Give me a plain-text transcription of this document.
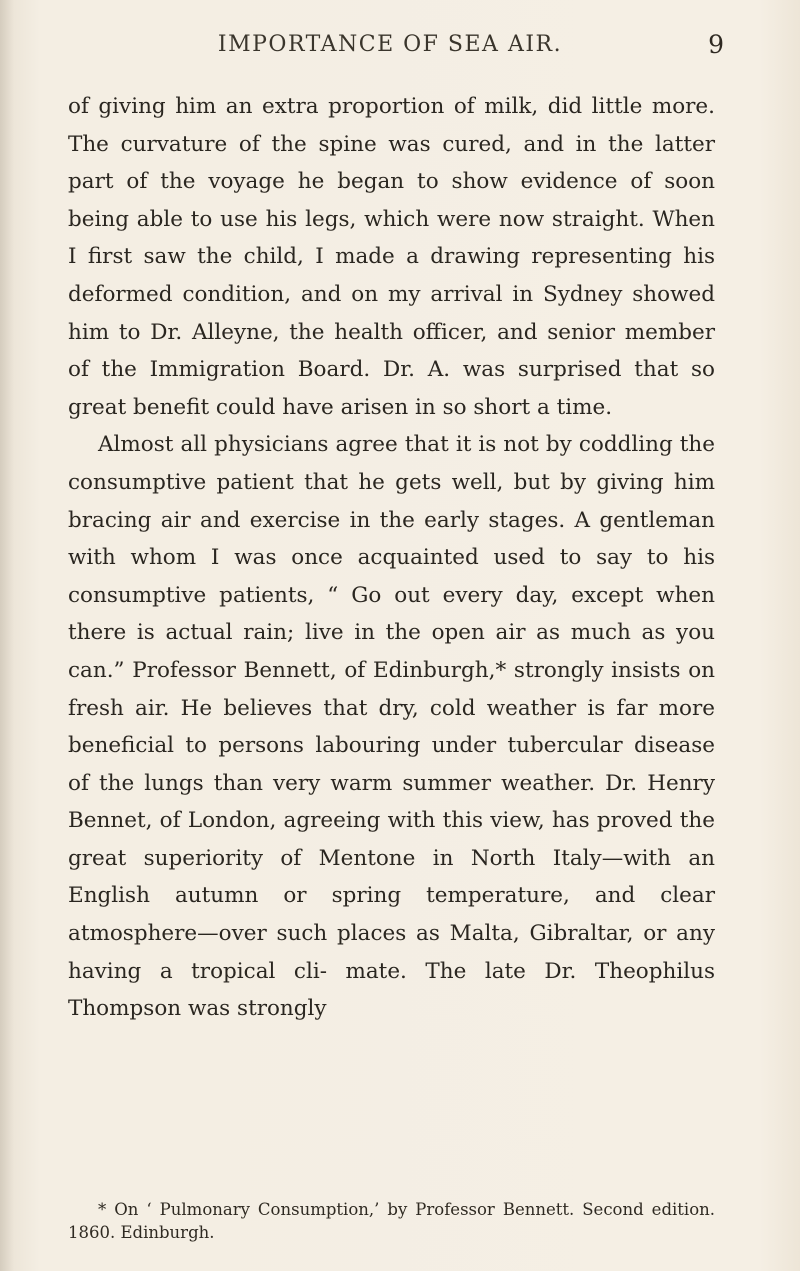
IMPORTANCE OF SEA AIR.	9

of giving him an extra proportion of milk, did little more. The curvature of the spine was cured, and in the latter part of the voyage he began to show evidence of soon being able to use his legs, which were now straight. When I first saw the child, I made a drawing representing his deformed condition, and on my arrival in Sydney showed him to Dr. Alleyne, the health officer, and senior member of the Immigration Board. Dr. A. was surprised that so great benefit could have arisen in so short a time.

Almost all physicians agree that it is not by coddling the consumptive patient that he gets well, but by giving him bracing air and exercise in the early stages. A gentleman with whom I was once acquainted used to say to his consumptive patients, “ Go out every day, except when there is actual rain; live in the open air as much as you can.” Professor Bennett, of Edinburgh,* strongly insists on fresh air. He believes that dry, cold weather is far more beneficial to persons labouring under tubercular disease of the lungs than very warm summer weather. Dr. Henry Bennet, of London, agreeing with this view, has proved the great superiority of Mentone in North Italy—with an English autumn or spring temperature, and clear atmosphere—over such places as Malta, Gibraltar, or any having a tropical cli- mate. The late Dr. Theophilus Thompson was strongly

* On ‘ Pulmonary Consumption,’ by Professor Bennett. Second edition. 1860. Edinburgh.
